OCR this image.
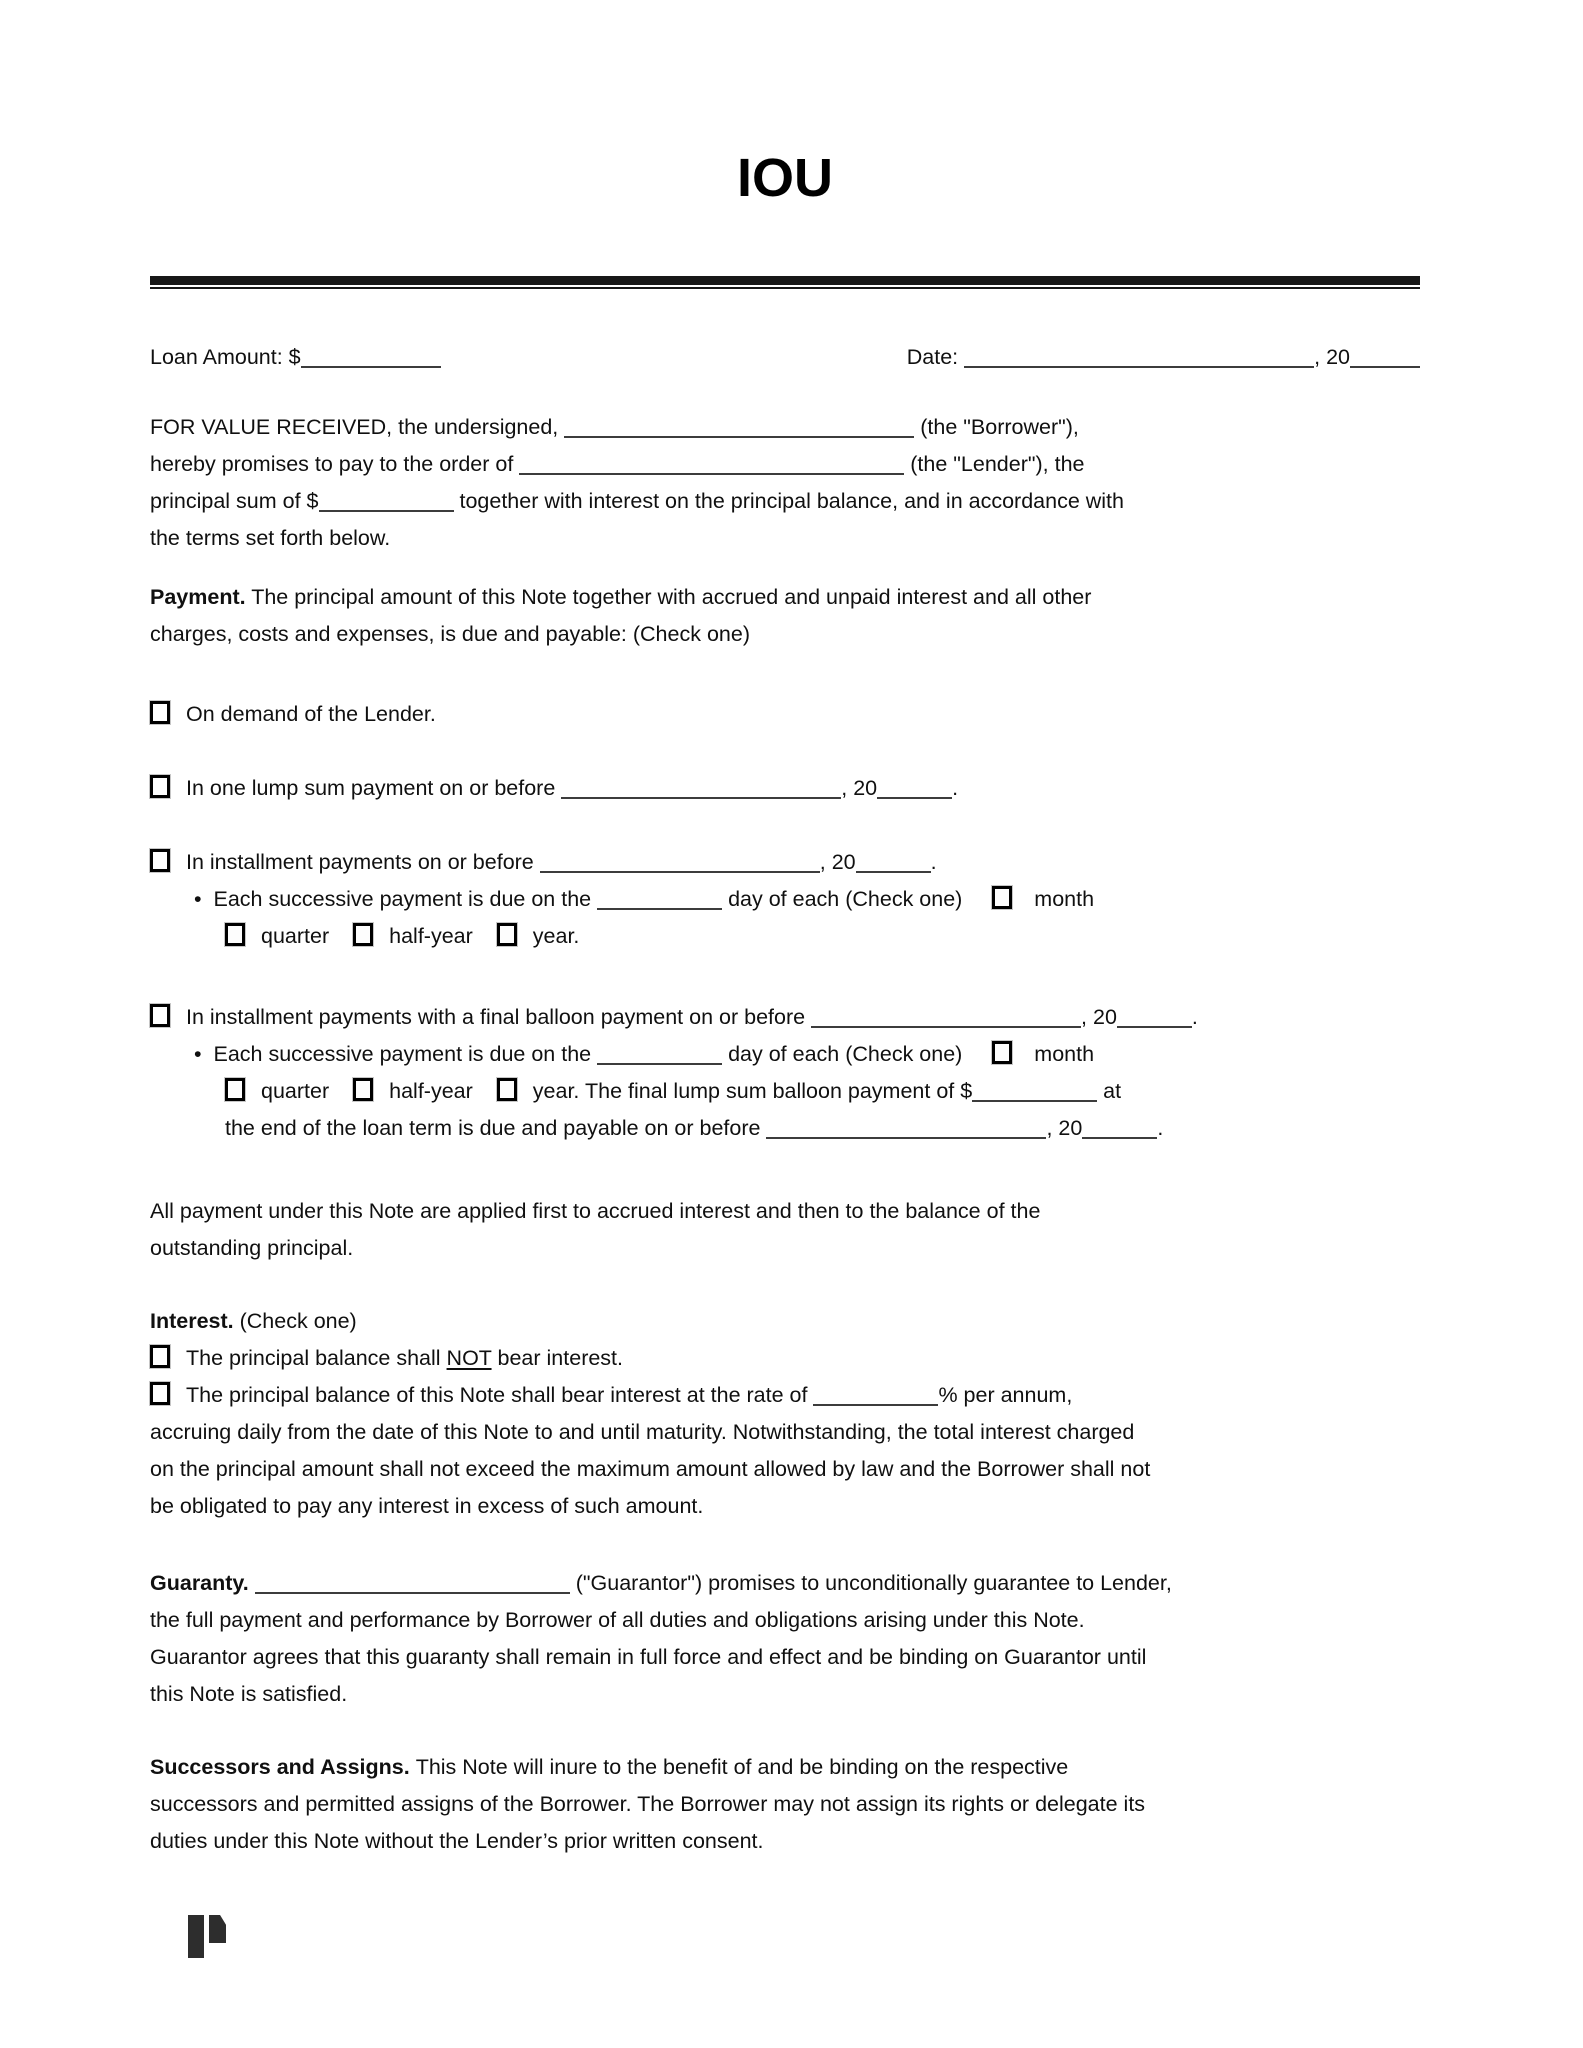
IOU
Loan Amount: $	Date:	, 20

FOR VALUE RECEIVED, the undersigned,	(the "Borrower"),
hereby promises to pay to the order of	(the "Lender"), the
principal sum of $	together with interest on the principal balance, and in accordance with
the terms set forth below.

Payment. The principal amount of this Note together with accrued and unpaid interest and all other
charges, costs and expenses, is due and payable: (Check one)

On demand of the Lender.
In one lump sum payment on or before	, 20	.
In installment payments on or before	, 20	.
•  Each successive payment is due on the	day of each (Check one)	month
quarter	half-year	year.
In installment payments with a final balloon payment on or before	, 20	.
•  Each successive payment is due on the	day of each (Check one)	month
quarter	half-year	year. The final lump sum balloon payment of $	at
the end of the loan term is due and payable on or before	, 20	.

All payment under this Note are applied first to accrued interest and then to the balance of the
outstanding principal.

Interest. (Check one)

The principal balance shall NOT bear interest.
The principal balance of this Note shall bear interest at the rate of	% per annum,
accruing daily from the date of this Note to and until maturity. Notwithstanding, the total interest charged
on the principal amount shall not exceed the maximum amount allowed by law and the Borrower shall not
be obligated to pay any interest in excess of such amount.

Guaranty.	("Guarantor") promises to unconditionally guarantee to Lender,
the full payment and performance by Borrower of all duties and obligations arising under this Note.
Guarantor agrees that this guaranty shall remain in full force and effect and be binding on Guarantor until
this Note is satisfied.

Successors and Assigns. This Note will inure to the benefit of and be binding on the respective
successors and permitted assigns of the Borrower. The Borrower may not assign its rights or delegate its
duties under this Note without the Lender’s prior written consent.
